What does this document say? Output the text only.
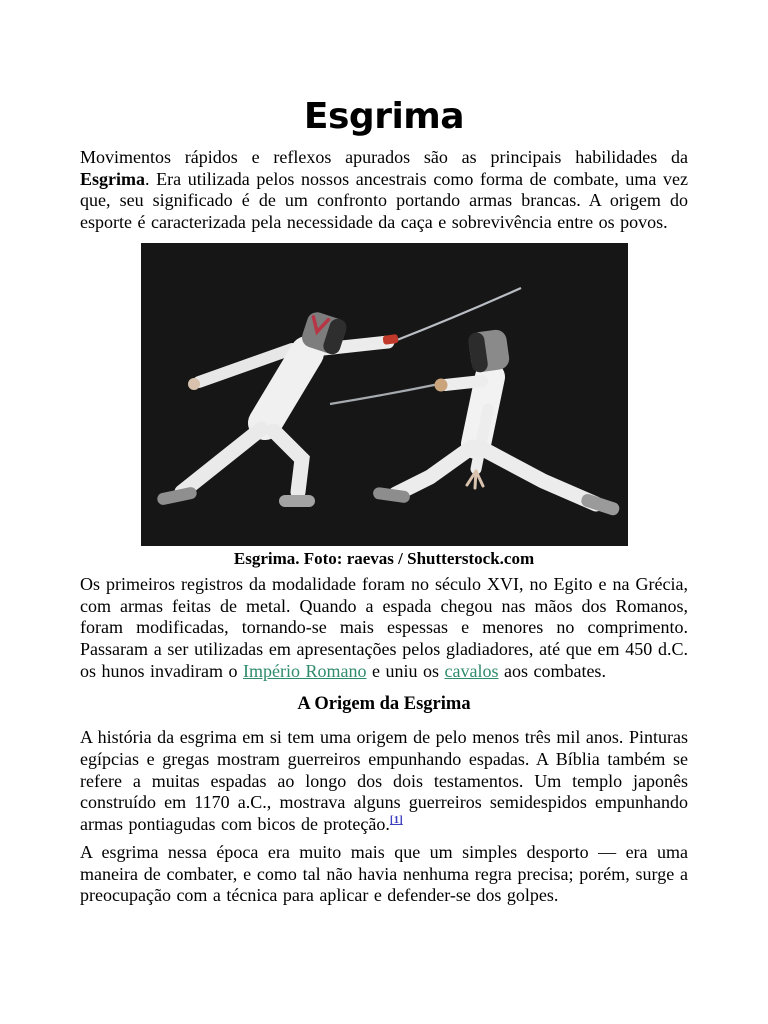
Esgrima

Movimentos rápidos e reflexos apurados são as principais habilidades da Esgrima. Era utilizada pelos nossos ancestrais como forma de combate, uma vez que, seu significado é de um confronto portando armas brancas. A origem do esporte é caracterizada pela necessidade da caça e sobrevivência entre os povos.

Esgrima. Foto: raevas / Shutterstock.com

Os primeiros registros da modalidade foram no século XVI, no Egito e na Grécia, com armas feitas de metal. Quando a espada chegou nas mãos dos Romanos, foram modificadas, tornando-se mais espessas e menores no comprimento. Passaram a ser utilizadas em apresentações pelos gladiadores, até que em 450 d.C. os hunos invadiram o Império Romano e uniu os cavalos aos combates.

A Origem da Esgrima

A história da esgrima em si tem uma origem de pelo menos três mil anos. Pinturas egípcias e gregas mostram guerreiros empunhando espadas. A Bíblia também se refere a muitas espadas ao longo dos dois testamentos. Um templo japonês construído em 1170 a.C., mostrava alguns guerreiros semidespidos empunhando armas pontiagudas com bicos de proteção.[1]

A esgrima nessa época era muito mais que um simples desporto — era uma maneira de combater, e como tal não havia nenhuma regra precisa; porém, surge a preocupação com a técnica para aplicar e defender-se dos golpes.
